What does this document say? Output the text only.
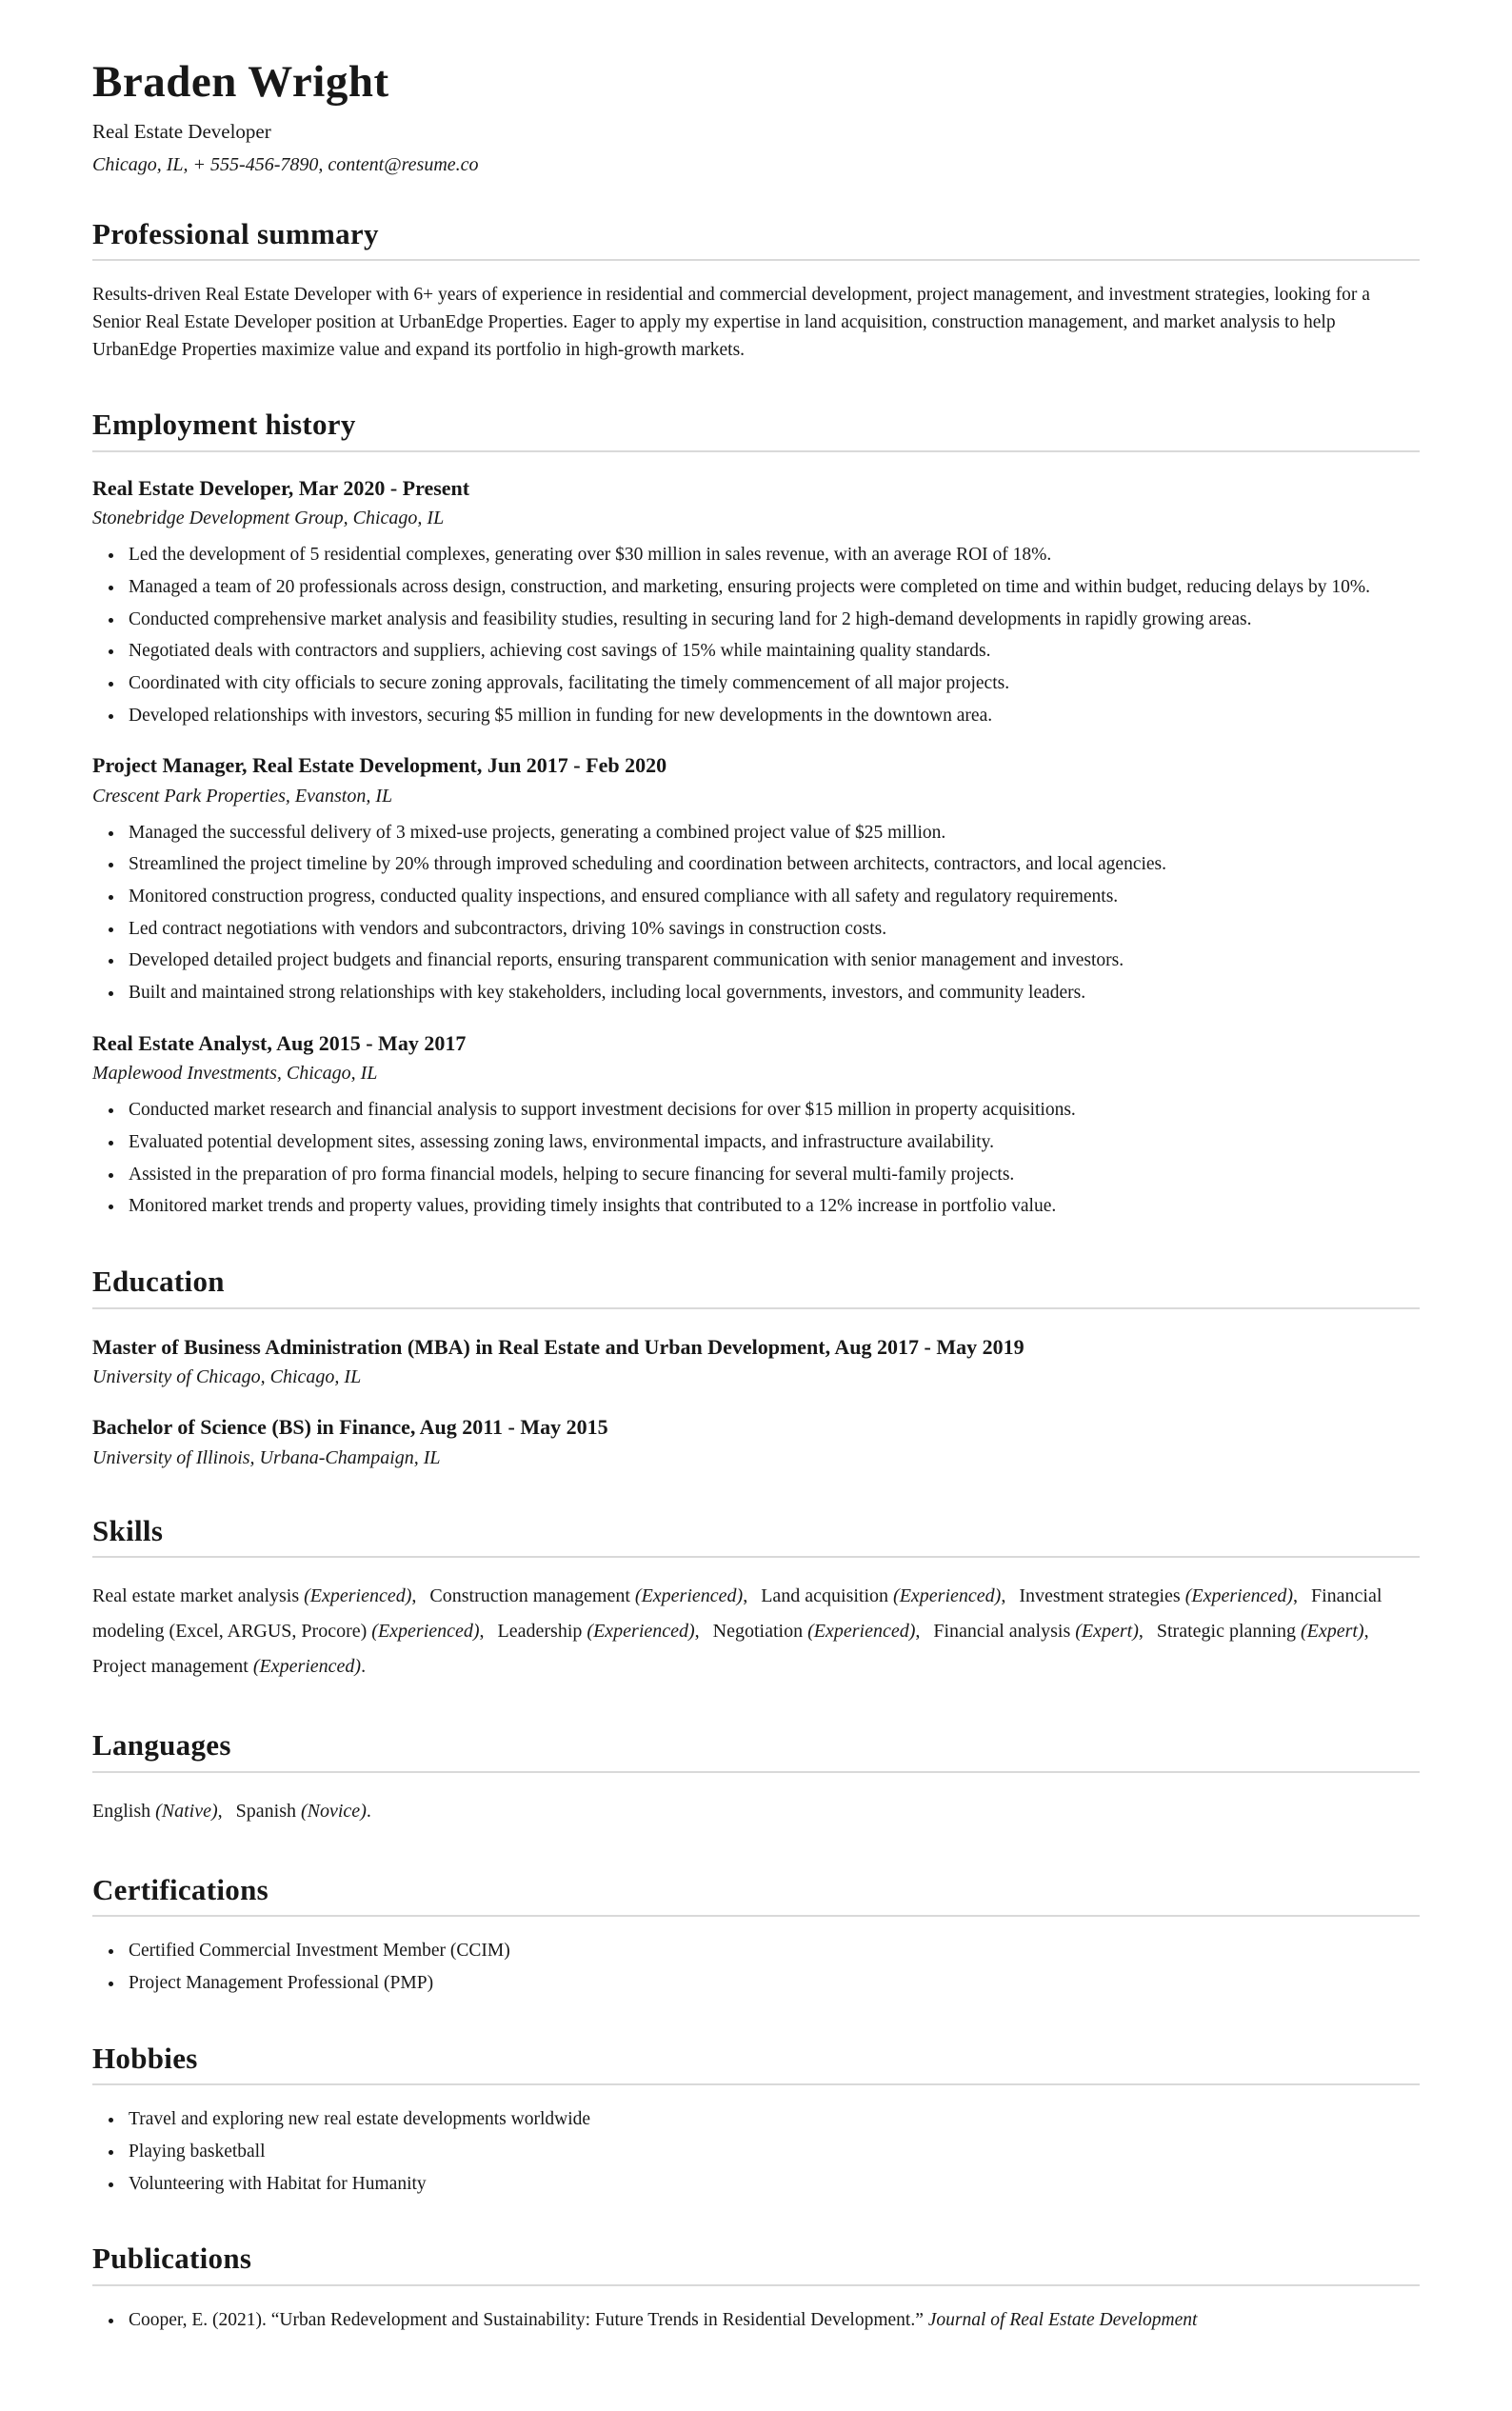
Braden Wright

Real Estate Developer

Chicago, IL, + 555-456-7890, content@resume.co

Professional summary

Results-driven Real Estate Developer with 6+ years of experience in residential and commercial development, project management, and investment strategies, looking for a Senior Real Estate Developer position at UrbanEdge Properties. Eager to apply my expertise in land acquisition, construction management, and market analysis to help UrbanEdge Properties maximize value and expand its portfolio in high-growth markets.

Employment history
Real Estate Developer, Mar 2020 - Present

Stonebridge Development Group, Chicago, IL

• Led the development of 5 residential complexes, generating over $30 million in sales revenue, with an average ROI of 18%.
• Managed a team of 20 professionals across design, construction, and marketing, ensuring projects were completed on time and within budget, reducing delays by 10%.
• Conducted comprehensive market analysis and feasibility studies, resulting in securing land for 2 high-demand developments in rapidly growing areas.
• Negotiated deals with contractors and suppliers, achieving cost savings of 15% while maintaining quality standards.
• Coordinated with city officials to secure zoning approvals, facilitating the timely commencement of all major projects.
• Developed relationships with investors, securing $5 million in funding for new developments in the downtown area.
Project Manager, Real Estate Development, Jun 2017 - Feb 2020

Crescent Park Properties, Evanston, IL

• Managed the successful delivery of 3 mixed-use projects, generating a combined project value of $25 million.
• Streamlined the project timeline by 20% through improved scheduling and coordination between architects, contractors, and local agencies.
• Monitored construction progress, conducted quality inspections, and ensured compliance with all safety and regulatory requirements.
• Led contract negotiations with vendors and subcontractors, driving 10% savings in construction costs.
• Developed detailed project budgets and financial reports, ensuring transparent communication with senior management and investors.
• Built and maintained strong relationships with key stakeholders, including local governments, investors, and community leaders.
Real Estate Analyst, Aug 2015 - May 2017

Maplewood Investments, Chicago, IL

• Conducted market research and financial analysis to support investment decisions for over $15 million in property acquisitions.
• Evaluated potential development sites, assessing zoning laws, environmental impacts, and infrastructure availability.
• Assisted in the preparation of pro forma financial models, helping to secure financing for several multi-family projects.
• Monitored market trends and property values, providing timely insights that contributed to a 12% increase in portfolio value.
Education
Master of Business Administration (MBA) in Real Estate and Urban Development, Aug 2017 - May 2019

University of Chicago, Chicago, IL

Bachelor of Science (BS) in Finance, Aug 2011 - May 2015

University of Illinois, Urbana-Champaign, IL

Skills

Real estate market analysis (Experienced), Construction management (Experienced), Land acquisition (Experienced), Investment strategies (Experienced), Financial modeling (Excel, ARGUS, Procore) (Experienced), Leadership (Experienced), Negotiation (Experienced), Financial analysis (Expert), Strategic planning (Expert), Project management (Experienced).

Languages

English (Native), Spanish (Novice).

Certifications
• Certified Commercial Investment Member (CCIM)
• Project Management Professional (PMP)
Hobbies
• Travel and exploring new real estate developments worldwide
• Playing basketball
• Volunteering with Habitat for Humanity
Publications
• Cooper, E. (2021). “Urban Redevelopment and Sustainability: Future Trends in Residential Development.” Journal of Real Estate Development
